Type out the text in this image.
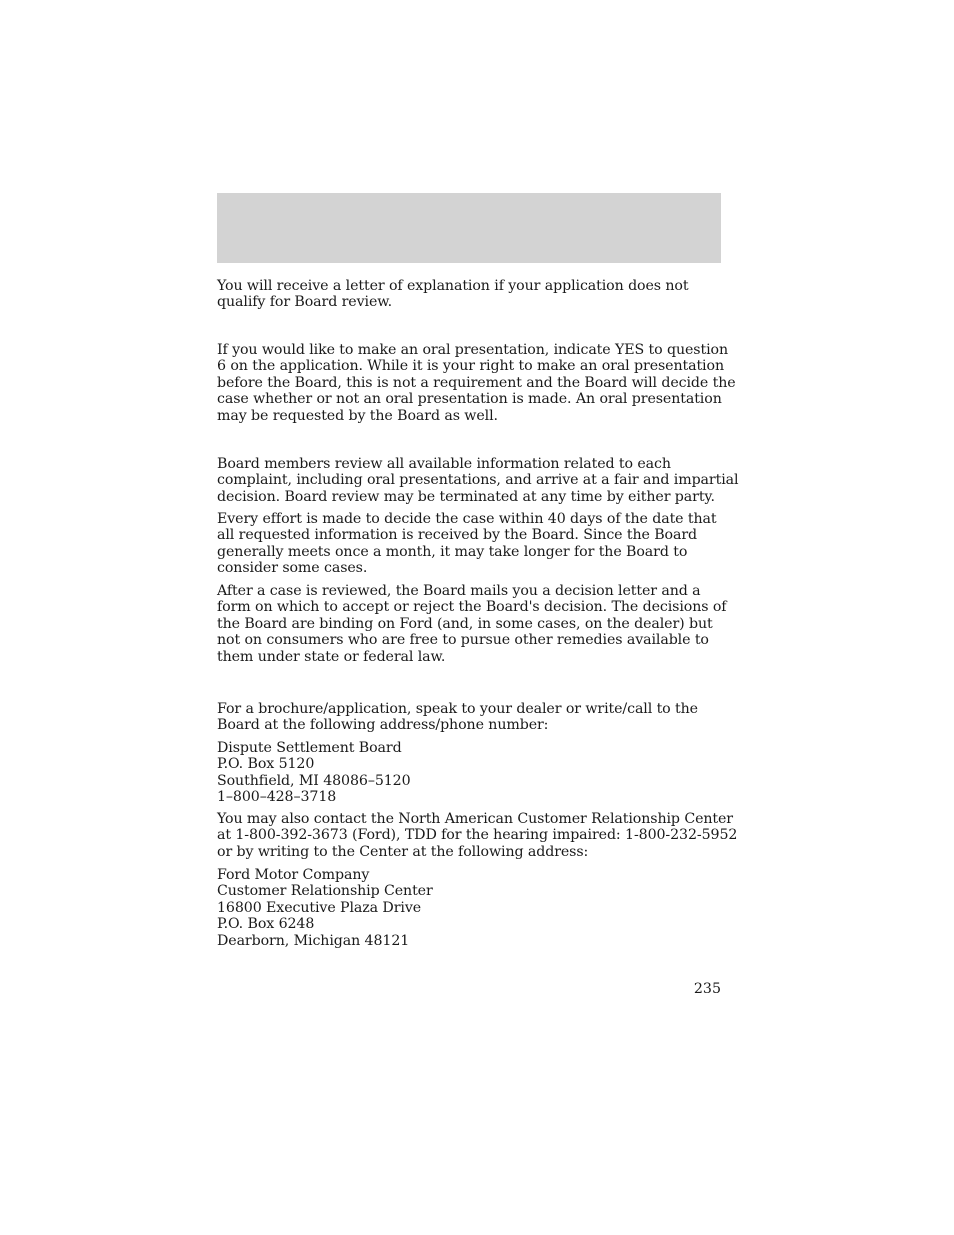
You will receive a letter of explanation if your application does not
qualify for Board review.

If you would like to make an oral presentation, indicate YES to question
6 on the application. While it is your right to make an oral presentation
before the Board, this is not a requirement and the Board will decide the
case whether or not an oral presentation is made. An oral presentation
may be requested by the Board as well.

Board members review all available information related to each
complaint, including oral presentations, and arrive at a fair and impartial
decision. Board review may be terminated at any time by either party.

Every effort is made to decide the case within 40 days of the date that
all requested information is received by the Board. Since the Board
generally meets once a month, it may take longer for the Board to
consider some cases.

After a case is reviewed, the Board mails you a decision letter and a
form on which to accept or reject the Board's decision. The decisions of
the Board are binding on Ford (and, in some cases, on the dealer) but
not on consumers who are free to pursue other remedies available to
them under state or federal law.

For a brochure/application, speak to your dealer or write/call to the
Board at the following address/phone number:

Dispute Settlement Board
P.O. Box 5120
Southfield, MI 48086–5120
1–800–428–3718

You may also contact the North American Customer Relationship Center
at 1-800-392-3673 (Ford), TDD for the hearing impaired: 1-800-232-5952
or by writing to the Center at the following address:

Ford Motor Company
Customer Relationship Center
16800 Executive Plaza Drive
P.O. Box 6248
Dearborn, Michigan 48121

235
